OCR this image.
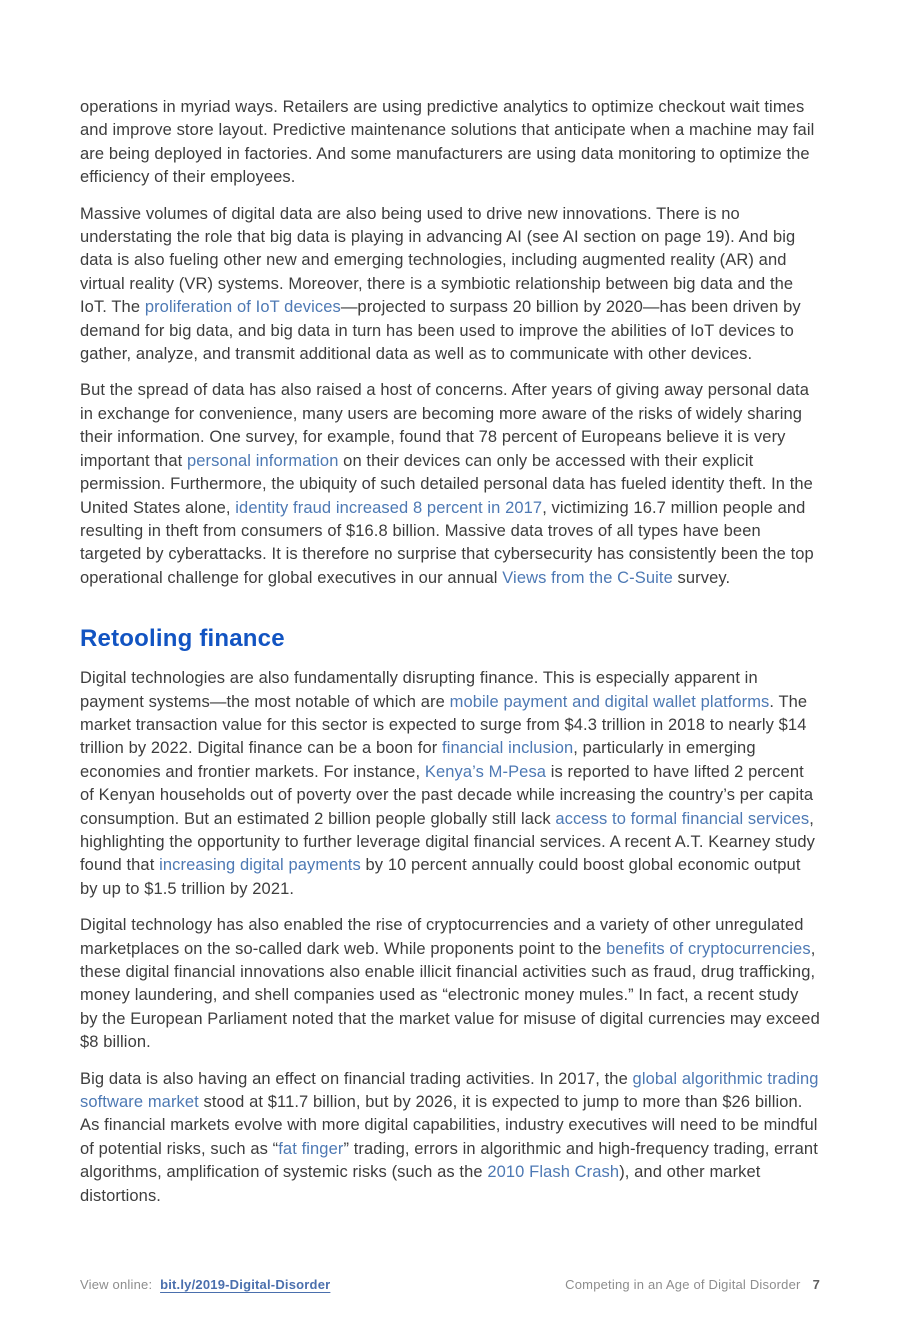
operations in myriad ways. Retailers are using predictive analytics to optimize checkout wait times and improve store layout. Predictive maintenance solutions that anticipate when a machine may fail are being deployed in factories. And some manufacturers are using data monitoring to optimize the efficiency of their employees.

Massive volumes of digital data are also being used to drive new innovations. There is no understating the role that big data is playing in advancing AI (see AI section on page 19). And big data is also fueling other new and emerging technologies, including augmented reality (AR) and virtual reality (VR) systems. Moreover, there is a symbiotic relationship between big data and the IoT. The proliferation of IoT devices—projected to surpass 20 billion by 2020—has been driven by demand for big data, and big data in turn has been used to improve the abilities of IoT devices to gather, analyze, and transmit additional data as well as to communicate with other devices.

But the spread of data has also raised a host of concerns. After years of giving away personal data in exchange for convenience, many users are becoming more aware of the risks of widely sharing their information. One survey, for example, found that 78 percent of Europeans believe it is very important that personal information on their devices can only be accessed with their explicit permission. Furthermore, the ubiquity of such detailed personal data has fueled identity theft. In the United States alone, identity fraud increased 8 percent in 2017, victimizing 16.7 million people and resulting in theft from consumers of $16.8 billion. Massive data troves of all types have been targeted by cyberattacks. It is therefore no surprise that cybersecurity has consistently been the top operational challenge for global executives in our annual Views from the C-Suite survey.

Retooling finance

Digital technologies are also fundamentally disrupting finance. This is especially apparent in payment systems—the most notable of which are mobile payment and digital wallet platforms. The market transaction value for this sector is expected to surge from $4.3 trillion in 2018 to nearly $14 trillion by 2022. Digital finance can be a boon for financial inclusion, particularly in emerging economies and frontier markets. For instance, Kenya’s M-Pesa is reported to have lifted 2 percent of Kenyan households out of poverty over the past decade while increasing the country’s per capita consumption. But an estimated 2 billion people globally still lack access to formal financial services, highlighting the opportunity to further leverage digital financial services. A recent A.T. Kearney study found that increasing digital payments by 10 percent annually could boost global economic output by up to $1.5 trillion by 2021.

Digital technology has also enabled the rise of cryptocurrencies and a variety of other unregulated marketplaces on the so-called dark web. While proponents point to the benefits of cryptocurrencies, these digital financial innovations also enable illicit financial activities such as fraud, drug trafficking, money laundering, and shell companies used as “electronic money mules.” In fact, a recent study by the European Parliament noted that the market value for misuse of digital currencies may exceed $8 billion.

Big data is also having an effect on financial trading activities. In 2017, the global algorithmic trading software market stood at $11.7 billion, but by 2026, it is expected to jump to more than $26 billion. As financial markets evolve with more digital capabilities, industry executives will need to be mindful of potential risks, such as “fat finger” trading, errors in algorithmic and high-frequency trading, errant algorithms, amplification of systemic risks (such as the 2010 Flash Crash), and other market distortions.

View online: bit.ly/2019-Digital-Disorder	Competing in an Age of Digital Disorder 7
